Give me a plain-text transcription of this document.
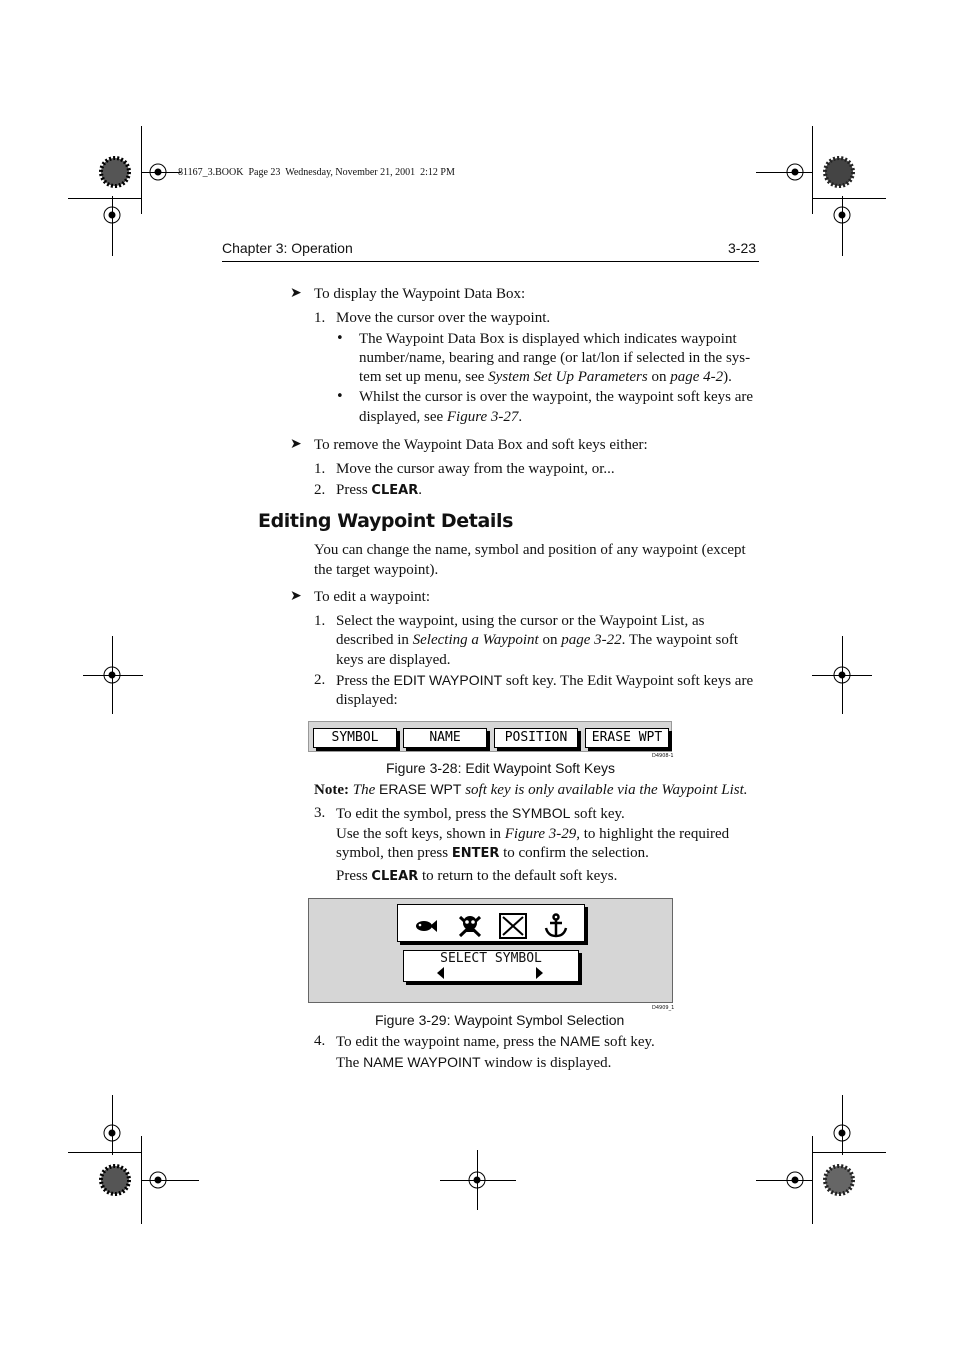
81167_3.BOOK  Page 23  Wednesday, November 21, 2001  2:12 PM
Chapter 3: Operation	3-23
➤ To display the Waypoint Data Box:
1. Move the cursor over the waypoint.
• The Waypoint Data Box is displayed which indicates waypoint
number/name, bearing and range (or lat/lon if selected in the sys-
tem set up menu, see System Set Up Parameters on page 4-2).
• Whilst the cursor is over the waypoint, the waypoint soft keys are
displayed, see Figure 3-27.
➤ To remove the Waypoint Data Box and soft keys either:
1. Move the cursor away from the waypoint, or...
2. Press CLEAR.
Editing Waypoint Details
You can change the name, symbol and position of any waypoint (except
the target waypoint).
➤ To edit a waypoint:
1. Select the waypoint, using the cursor or the Waypoint List, as
described in Selecting a Waypoint on page 3-22. The waypoint soft
keys are displayed.
2. Press the EDIT WAYPOINT soft key. The Edit Waypoint soft keys are
displayed:
SYMBOL	NAME	POSITION	ERASE WPT
D4908-1
Figure 3-28: Edit Waypoint Soft Keys
Note: The ERASE WPT soft key is only available via the Waypoint List.
3. To edit the symbol, press the SYMBOL soft key.
Use the soft keys, shown in Figure 3-29, to highlight the required
symbol, then press ENTER to confirm the selection.
Press CLEAR to return to the default soft keys.
SELECT SYMBOL
D4909_1
Figure 3-29: Waypoint Symbol Selection
4. To edit the waypoint name, press the NAME soft key.
The NAME WAYPOINT window is displayed.
